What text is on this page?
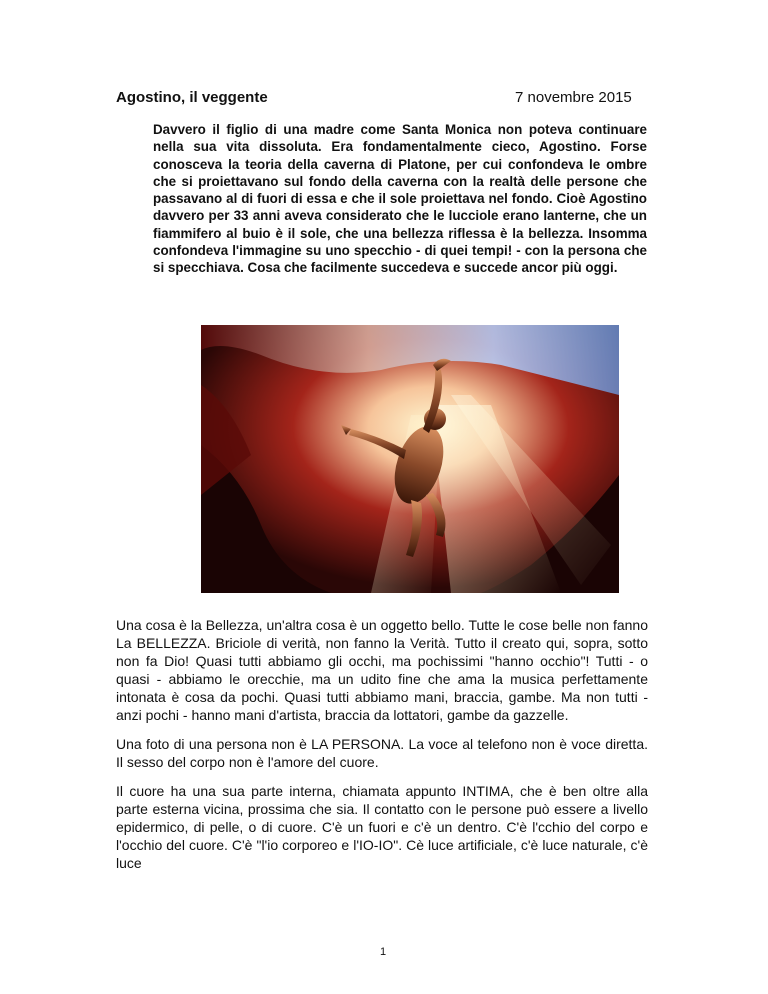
Agostino, il veggente	7 novembre 2015
Davvero il figlio di una madre come Santa Monica non poteva continuare nella sua vita dissoluta. Era fondamentalmente cieco, Agostino. Forse conosceva la teoria della caverna di Platone, per cui confondeva le ombre che si proiettavano sul fondo della caverna con la realtà delle persone che passavano al di fuori di essa e che il sole proiettava nel fondo. Cioè Agostino davvero per 33 anni aveva considerato che le lucciole erano lanterne, che un fiammifero al buio è il sole, che una bellezza riflessa è la bellezza. Insomma confondeva l'immagine su uno specchio - di quei tempi! - con la persona che si specchiava. Cosa che facilmente succedeva e succede ancor più oggi.

Una cosa è la Bellezza, un'altra cosa è un oggetto bello. Tutte le cose belle non fanno La BELLEZZA. Briciole di verità, non fanno la Verità. Tutto il creato qui, sopra, sotto non fa Dio! Quasi tutti abbiamo gli occhi, ma pochissimi "hanno occhio"! Tutti - o quasi - abbiamo le orecchie, ma un udito fine che ama la musica perfettamente intonata è cosa da pochi. Quasi tutti abbiamo mani, braccia, gambe. Ma non tutti - anzi pochi - hanno mani d'artista, braccia da lottatori, gambe da gazzelle.

Una foto di una persona non è LA PERSONA. La voce al telefono non è voce diretta. Il sesso del corpo non è l'amore del cuore.

Il cuore ha una sua parte interna, chiamata appunto INTIMA, che è ben oltre alla parte esterna vicina, prossima che sia. Il contatto con le persone può essere a livello epidermico, di pelle, o di cuore. C'è un fuori e c'è un dentro. C'è l'cchio del corpo e l'occhio del cuore. C'è "l'io corporeo e l'IO-IO". Cè luce artificiale, c'è luce naturale, c'è luce

1
